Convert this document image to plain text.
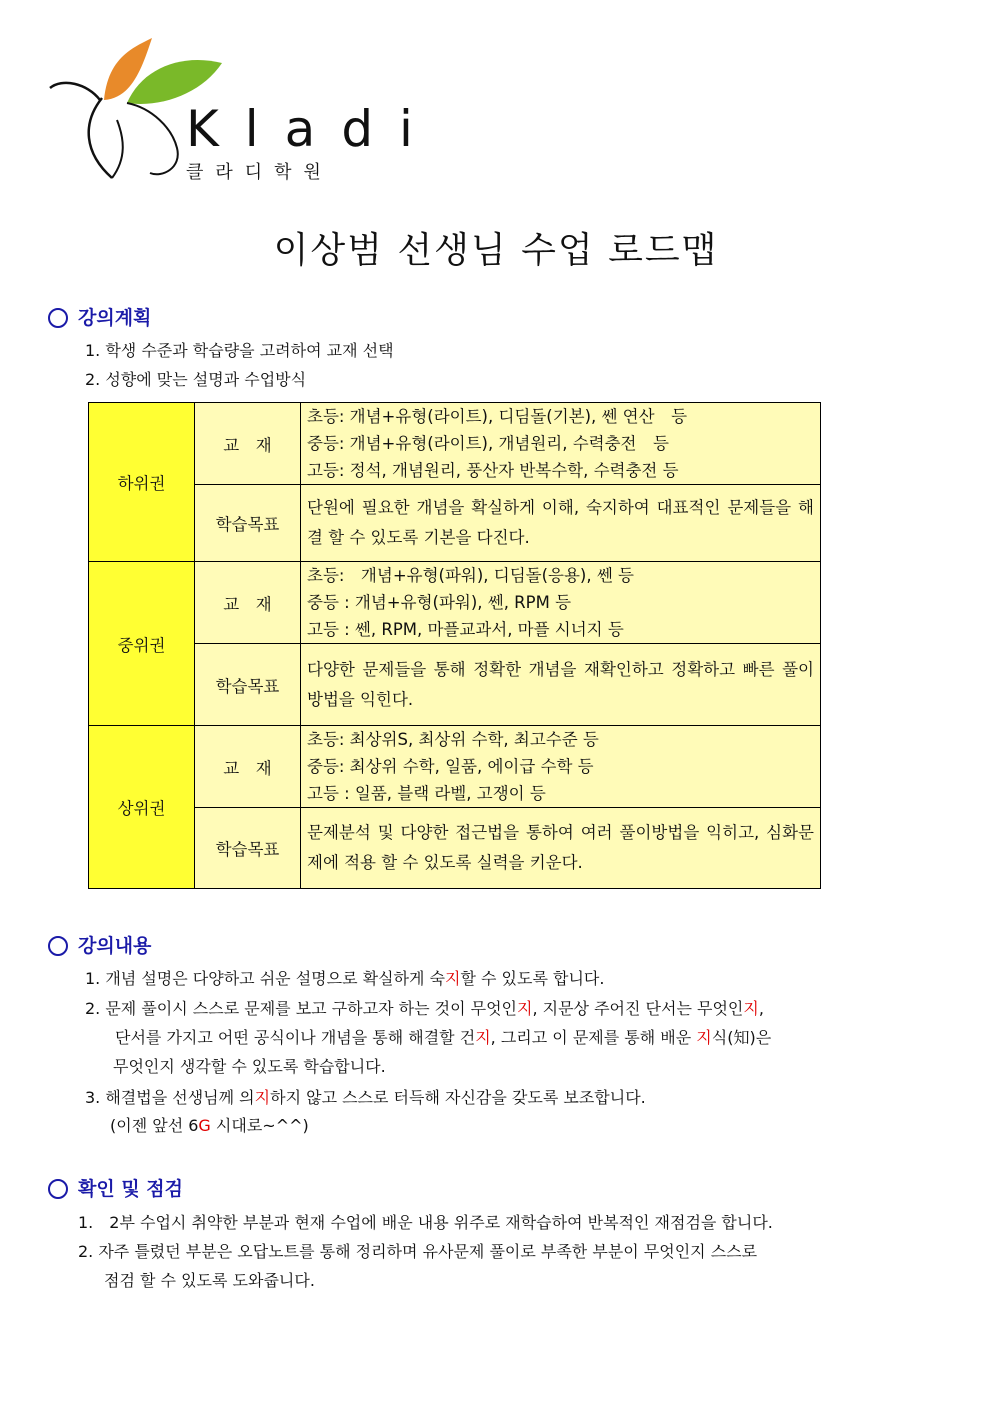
Kladi
클라디학원
이상범 선생님 수업 로드맵
강의계획
1. 학생 수준과 학습량을 고려하여 교재 선택
2. 성향에 맞는 설명과 수업방식
하위권	교　재	초등: 개념+유형(라이트), 디딤돌(기본), 쎈 연산　등
중등: 개념+유형(라이트), 개념원리, 수력충전　등
고등: 정석, 개념원리, 풍산자 반복수학, 수력충전 등

	학습목표	단원에 필요한 개념을 확실하게 이해, 숙지하여 대표적인 문제들을 해결 할 수 있도록 기본을 다진다.
중위권	교　재	초등:　개념+유형(파워), 디딤돌(응용), 쎈 등
중등 : 개념+유형(파워), 쎈, RPM 등
고등 : 쎈, RPM, 마플교과서, 마플 시너지 등

	학습목표	다양한 문제들을 통해 정확한 개념을 재확인하고 정확하고 빠른 풀이 방법을 익힌다.
상위권	교　재	초등: 최상위S, 최상위 수학, 최고수준 등
중등: 최상위 수학, 일품, 에이급 수학 등
고등 : 일품, 블랙 라벨, 고쟁이 등

	학습목표	문제분석 및 다양한 접근법을 통하여 여러 풀이방법을 익히고, 심화문제에 적용 할 수 있도록 실력을 키운다.
강의내용
1. 개념 설명은 다양하고 쉬운 설명으로 확실하게 숙지할 수 있도록 합니다.
2. 문제 풀이시 스스로 문제를 보고 구하고자 하는 것이 무엇인지, 지문상 주어진 단서는 무엇인지,
단서를 가지고 어떤 공식이나 개념을 통해 해결할 건지, 그리고 이 문제를 통해 배운 지식(知)은
무엇인지 생각할 수 있도록 학습합니다.
3. 해결법을 선생님께 의지하지 않고 스스로 터득해 자신감을 갖도록 보조합니다.
(이젠 앞선 6G 시대로~^^)
확인 및 점검
1.　2부 수업시 취약한 부분과 현재 수업에 배운 내용 위주로 재학습하여 반복적인 재점검을 합니다.
2. 자주 틀렸던 부분은 오답노트를 통해 정리하며 유사문제 풀이로 부족한 부분이 무엇인지 스스로
점검 할 수 있도록 도와줍니다.
